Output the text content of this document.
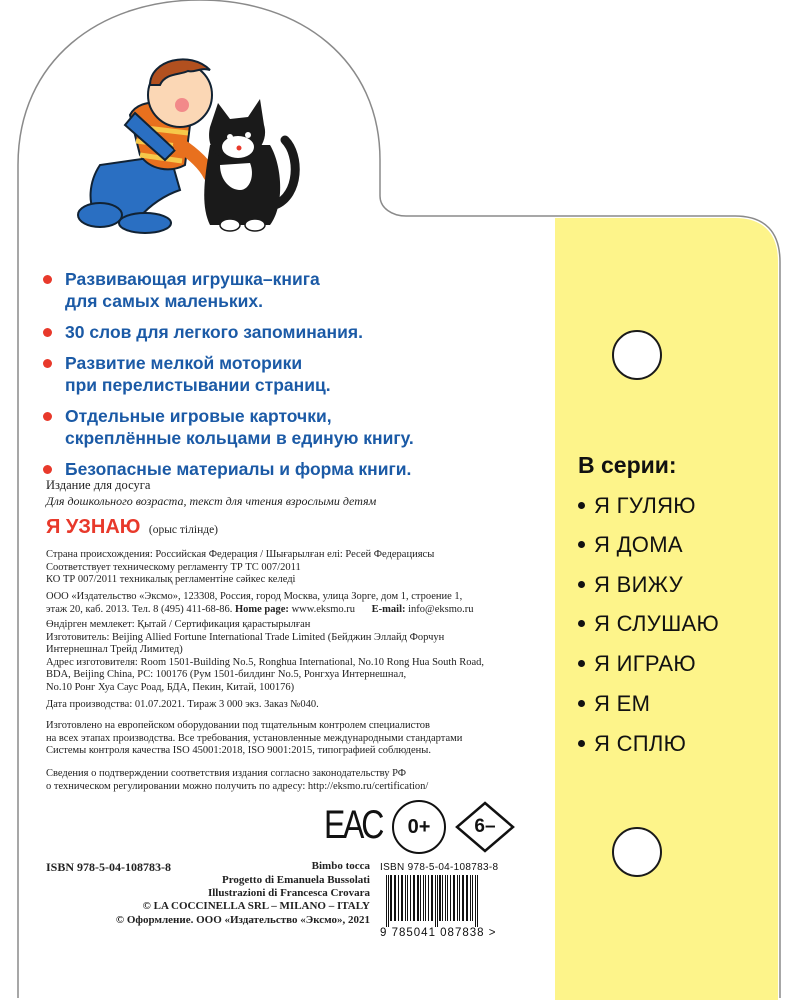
Развивающая игрушка–книга
для самых маленьких.
30 слов для легкого запоминания.
Развитие мелкой моторики
при перелистывании страниц.
Отдельные игровые карточки,
скреплённые кольцами в единую книгу.
Безопасные материалы и форма книги.
Издание для досуга
Для дошкольного возраста, текст для чтения взрослыми детям
Я УЗНАЮ (орыс тілінде)
Страна происхождения: Российская Федерация / Шығарылған елі: Ресей Федерациясы
Соответствует техническому регламенту ТР ТС 007/2011
КО ТР 007/2011 техникалық регламентіне сәйкес келеді
ООО «Издательство «Эксмо», 123308, Россия, город Москва, улица Зорге, дом 1, строение 1,
этаж 20, каб. 2013. Тел. 8 (495) 411-68-86. Home page: www.eksmo.ru E-mail: info@eksmo.ru
Өндірген мемлекет: Қытай / Сертификация қарастырылған
Изготовитель: Beijing Allied Fortune International Trade Limited (Бейджин Эллайд Форчун
Интернешнал Трейд Лимитед)
Адрес изготовителя: Room 1501-Building No.5, Ronghua International, No.10 Rong Hua South Road,
BDA, Beijing China, РС: 100176 (Рум 1501-билдинг No.5, Ронгхуа Интернешнал,
No.10 Ронг Хуа Саус Роад, БДА, Пекин, Китай, 100176)
Дата производства: 01.07.2021. Тираж 3 000 экз. Заказ №040.
Изготовлено на европейском оборудовании под тщательным контролем специалистов
на всех этапах производства. Все требования, установленные международными стандартами
Системы контроля качества ISO 45001:2018, ISO 9001:2015, типографией соблюдены.
Сведения о подтверждении соответствия издания согласно законодательству РФ
о техническом регулировании можно получить по адресу: http://eksmo.ru/certification/
ЕАС	0+	6–
ISBN 978-5-04-108783-8	Bimbo tocca
Progetto di Emanuela Bussolati
Illustrazioni di Francesca Crovara
© LA COCCINELLA SRL – MILANO – ITALY
© Оформление. ООО «Издательство «Эксмо», 2021
ISBN 978-5-04-108783-8
9 785041 087838 >
В серии:
Я ГУЛЯЮ
Я ДОМА
Я ВИЖУ
Я СЛУШАЮ
Я ИГРАЮ
Я ЕМ
Я СПЛЮ
